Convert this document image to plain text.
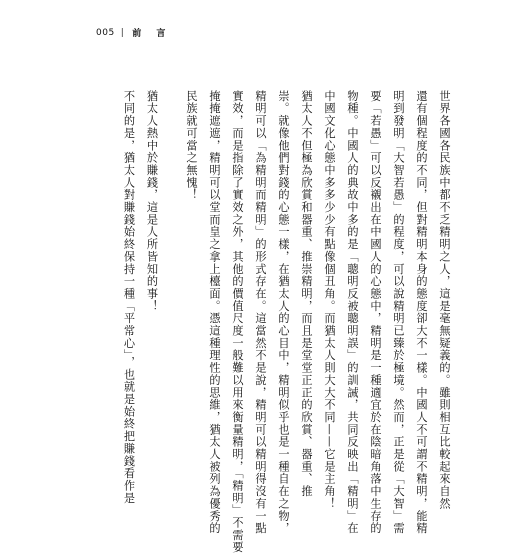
005 | 前 言
世界各國各民族中都不乏精明之人，這是毫無疑義的。雖則相互比較起來自然
還有個程度的不同，但對精明本身的態度卻大不一樣。中國人不可謂不精明，能精
明到發明「大智若愚」的程度，可以說精明已臻於極境。然而，正是從「大智」需
要「若愚」可以反襯出在中國人的心態中，精明是一種適宜於在陰暗角落中生存的
物種。中國人的典故中多的是「聰明反被聰明誤」的訓誡，共同反映出「精明」在
中國文化心態中多多少少有點像個丑角。而猶太人則大大不同——它是主角！
猶太人不但極為欣賞和器重、推崇精明，而且是堂堂正正的欣賞、器重、推
崇。就像他們對錢的心態一樣，在猶太人的心目中，精明似乎也是一種自在之物，
精明可以「為精明而精明」的形式存在。這當然不是說，精明可以精明得沒有一點
實效，而是指除了實效之外，其他的價值尺度一般難以用來衡量精明，「精明」不需要
掩掩遮遮，精明可以堂而皇之拿上檯面。憑這種理性的思維，猶太人被列為優秀的
民族就可當之無愧！
猶太人熱中於賺錢，這是人所皆知的事！
不同的是，猶太人對賺錢始終保持一種「平常心」，也就是始終把賺錢看作是
